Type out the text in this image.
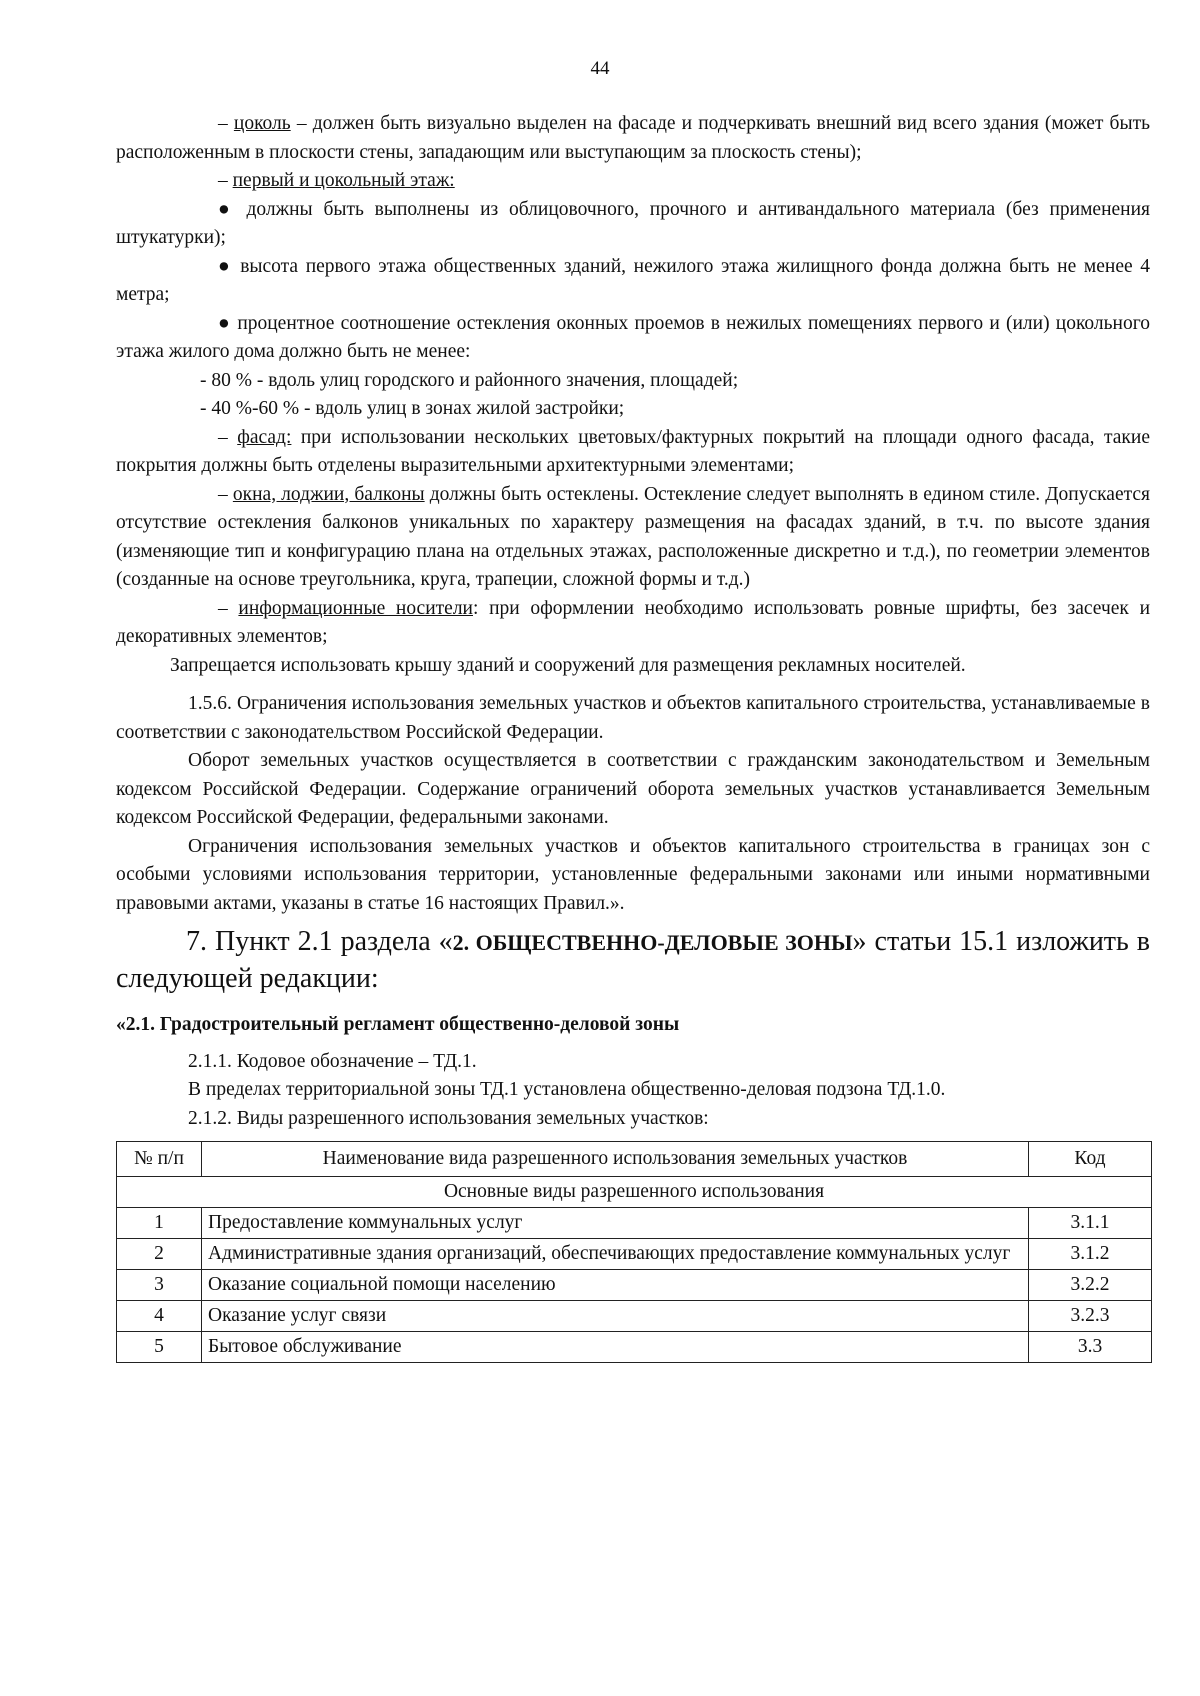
44

– цоколь – должен быть визуально выделен на фасаде и подчеркивать внешний вид всего здания (может быть расположенным в плоскости стены, западающим или выступающим за плоскость стены);

– первый и цокольный этаж:

● должны быть выполнены из облицовочного, прочного и антивандального материала (без применения штукатурки);

● высота первого этажа общественных зданий, нежилого этажа жилищного фонда должна быть не менее 4 метра;

● процентное соотношение остекления оконных проемов в нежилых помещениях первого и (или) цокольного этажа жилого дома должно быть не менее:

- 80 % - вдоль улиц городского и районного значения, площадей;

- 40 %-60 % - вдоль улиц в зонах жилой застройки;

– фасад: при использовании нескольких цветовых/фактурных покрытий на площади одного фасада, такие покрытия должны быть отделены выразительными архитектурными элементами;

– окна, лоджии, балконы должны быть остеклены. Остекление следует выполнять в едином стиле. Допускается отсутствие остекления балконов уникальных по характеру размещения на фасадах зданий, в т.ч. по высоте здания (изменяющие тип и конфигурацию плана на отдельных этажах, расположенные дискретно и т.д.), по геометрии элементов (созданные на основе треугольника, круга, трапеции, сложной формы и т.д.)

– информационные носители: при оформлении необходимо использовать ровные шрифты, без засечек и декоративных элементов;

Запрещается использовать крышу зданий и сооружений для размещения рекламных носителей.

1.5.6. Ограничения использования земельных участков и объектов капитального строительства, устанавливаемые в соответствии с законодательством Российской Федерации.

Оборот земельных участков осуществляется в соответствии с гражданским законодательством и Земельным кодексом Российской Федерации. Содержание ограничений оборота земельных участков устанавливается Земельным кодексом Российской Федерации, федеральными законами.

Ограничения использования земельных участков и объектов капитального строительства в границах зон с особыми условиями использования территории, установленные федеральными законами или иными нормативными правовыми актами, указаны в статье 16 настоящих Правил.».

7. Пункт 2.1 раздела «2. ОБЩЕСТВЕННО-ДЕЛОВЫЕ ЗОНЫ» статьи 15.1 изложить в следующей редакции:

«2.1. Градостроительный регламент общественно-деловой зоны

2.1.1. Кодовое обозначение – ТД.1.

В пределах территориальной зоны ТД.1 установлена общественно-деловая подзона ТД.1.0.

2.1.2. Виды разрешенного использования земельных участков:

№ п/п	Наименование вида разрешенного использования земельных участков	Код
Основные виды разрешенного использования		
1	Предоставление коммунальных услуг	3.1.1
2	Административные здания организаций, обеспечивающих предоставление коммунальных услуг	3.1.2
3	Оказание социальной помощи населению	3.2.2
4	Оказание услуг связи	3.2.3
5	Бытовое обслуживание	3.3
